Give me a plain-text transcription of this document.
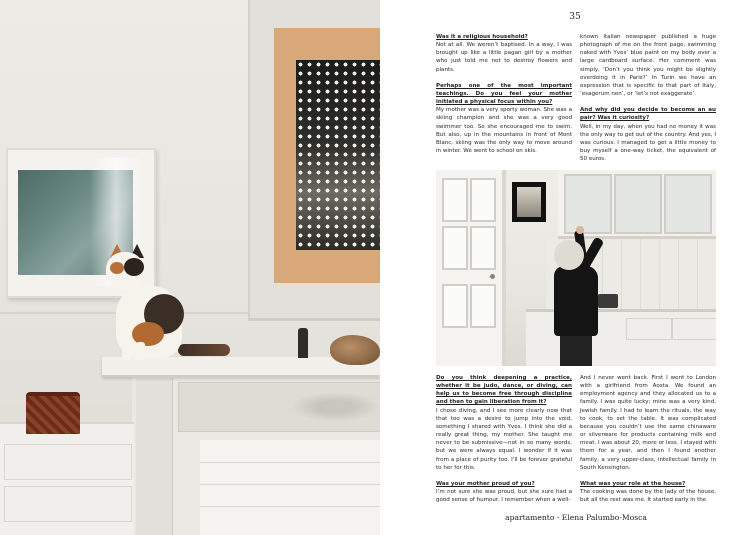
35

Was it a religious household?
Not at all. We weren’t baptised. In a way, I was brought up like a little pagan girl by a mother who just told me not to destroy flowers and plants.

Perhaps one of the most important teachings. Do you feel your mother initiated a physical focus within you?
My mother was a very sporty woman. She was a skiing champion and she was a very good swimmer too. So she encouraged me to swim. But also, up in the mountains in front of Mont Blanc, skiing was the only way to move around in winter. We went to school on skis.

known Italian newspaper published a huge photograph of me on the front page, swimming naked with Yves’ blue paint on my body over a large cardboard surface. Her comment was simply, ‘Don’t you think you might be slightly overdoing it in Paris?’ In Turin we have an expression that is specific to that part of Italy, ‘esagerum nen’, or ‘let’s not exaggerate’.

And why did you decide to become an au pair? Was it curiosity?
Well, in my day, when you had no money it was the only way to get out of the country. And yes, I was curious. I managed to get a little money to buy myself a one-way ticket, the equivalent of 50 euros.

Do you think deepening a practice, whether it be judo, dance, or diving, can help us to become free through discipline and then to gain liberation from it?
I chose diving, and I see more clearly now that that too was a desire to jump into the void, something I shared with Yves. I think she did a really great thing, my mother. She taught me never to be submissive—not in so many words, but we were always equal. I wonder if it was from a place of purity too. I’ll be forever grateful to her for this.

Was your mother proud of you?
I’m not sure she was proud, but she sure had a good sense of humour. I remember when a well-

And I never went back. First I went to London with a girlfriend from Aosta. We found an employment agency and they allocated us to a family. I was quite lucky; mine was a very kind, Jewish family. I had to learn the rituals, the way to cook, to set the table. It was complicated because you couldn’t use the same chinaware or silverware for products containing milk and meat. I was about 20, more or less. I stayed with them for a year, and then I found another family, a very upper-class, intellectual family in South Kensington.

What was your role at the house?
The cooking was done by the lady of the house, but all the rest was me. It started early in the

apartamento - Elena Palumbo-Mosca
